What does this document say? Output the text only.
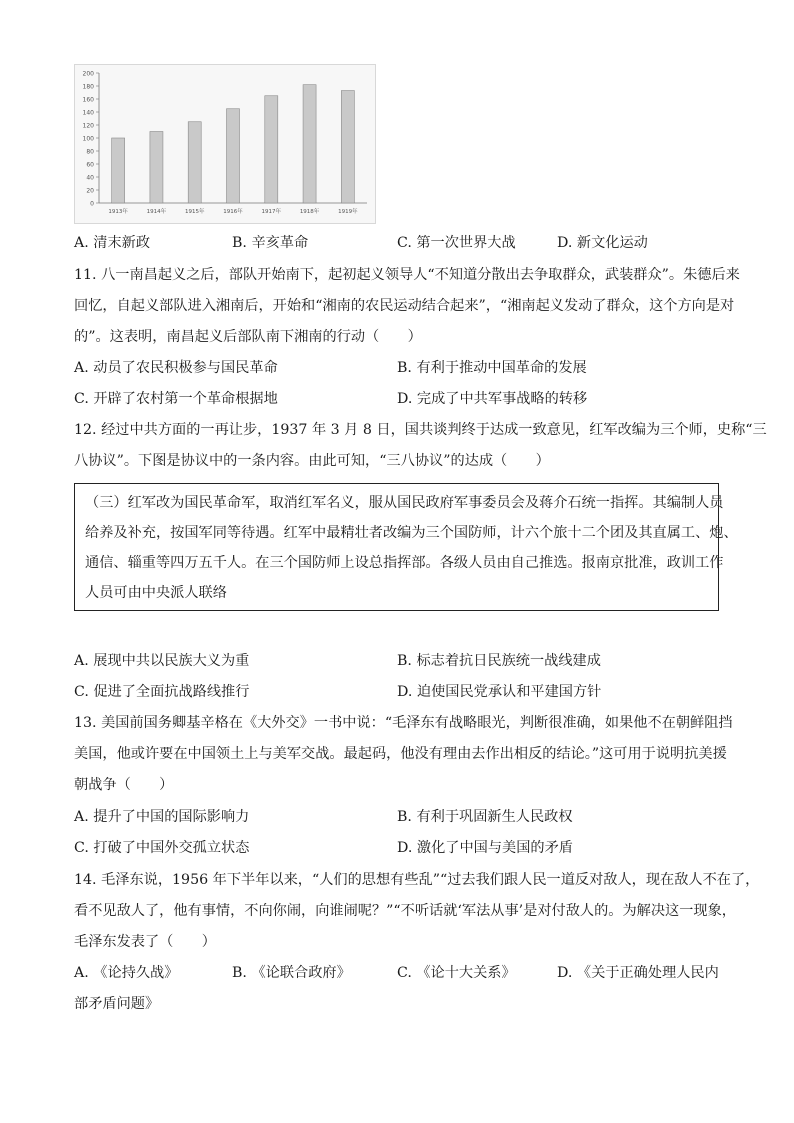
0
20
40
60
80
100
120
140
160
180
200
1913年	1914年	1915年	1916年	1917年	1918年	1919年
A. 清末新政	B. 辛亥革命	C. 第一次世界大战	D. 新文化运动
11. 八一南昌起义之后，部队开始南下，起初起义领导人“不知道分散出去争取群众，武装群众”。朱德后来
回忆，自起义部队进入湘南后，开始和“湘南的农民运动结合起来”，“湘南起义发动了群众，这个方向是对
的”。这表明，南昌起义后部队南下湘南的行动（　　）
A. 动员了农民积极参与国民革命	B. 有利于推动中国革命的发展
C. 开辟了农村第一个革命根据地	D. 完成了中共军事战略的转移
12. 经过中共方面的一再让步，1937 年 3 月 8 日，国共谈判终于达成一致意见，红军改编为三个师，史称“三
八协议”。下图是协议中的一条内容。由此可知，“三八协议”的达成（　　）
（三）红军改为国民革命军，取消红军名义，服从国民政府军事委员会及蒋介石统一指挥。其编制人员
给养及补充，按国军同等待遇。红军中最精壮者改编为三个国防师，计六个旅十二个团及其直属工、炮、
通信、辎重等四万五千人。在三个国防师上设总指挥部。各级人员由自己推选。报南京批准，政训工作
人员可由中央派人联络
A. 展现中共以民族大义为重	B. 标志着抗日民族统一战线建成
C. 促进了全面抗战路线推行	D. 迫使国民党承认和平建国方针
13. 美国前国务卿基辛格在《大外交》一书中说：“毛泽东有战略眼光，判断很准确，如果他不在朝鲜阻挡
美国，他或许要在中国领土上与美军交战。最起码，他没有理由去作出相反的结论。”这可用于说明抗美援
朝战争（　　）
A. 提升了中国的国际影响力	B. 有利于巩固新生人民政权
C. 打破了中国外交孤立状态	D. 激化了中国与美国的矛盾
14. 毛泽东说，1956 年下半年以来，“人们的思想有些乱”“过去我们跟人民一道反对敌人，现在敌人不在了，
看不见敌人了，他有事情，不向你闹，向谁闹呢？”“不听话就‘军法从事’是对付敌人的。为解决这一现象，
毛泽东发表了（　　）
A. 《论持久战》	B. 《论联合政府》	C. 《论十大关系》	D. 《关于正确处理人民内
部矛盾问题》
